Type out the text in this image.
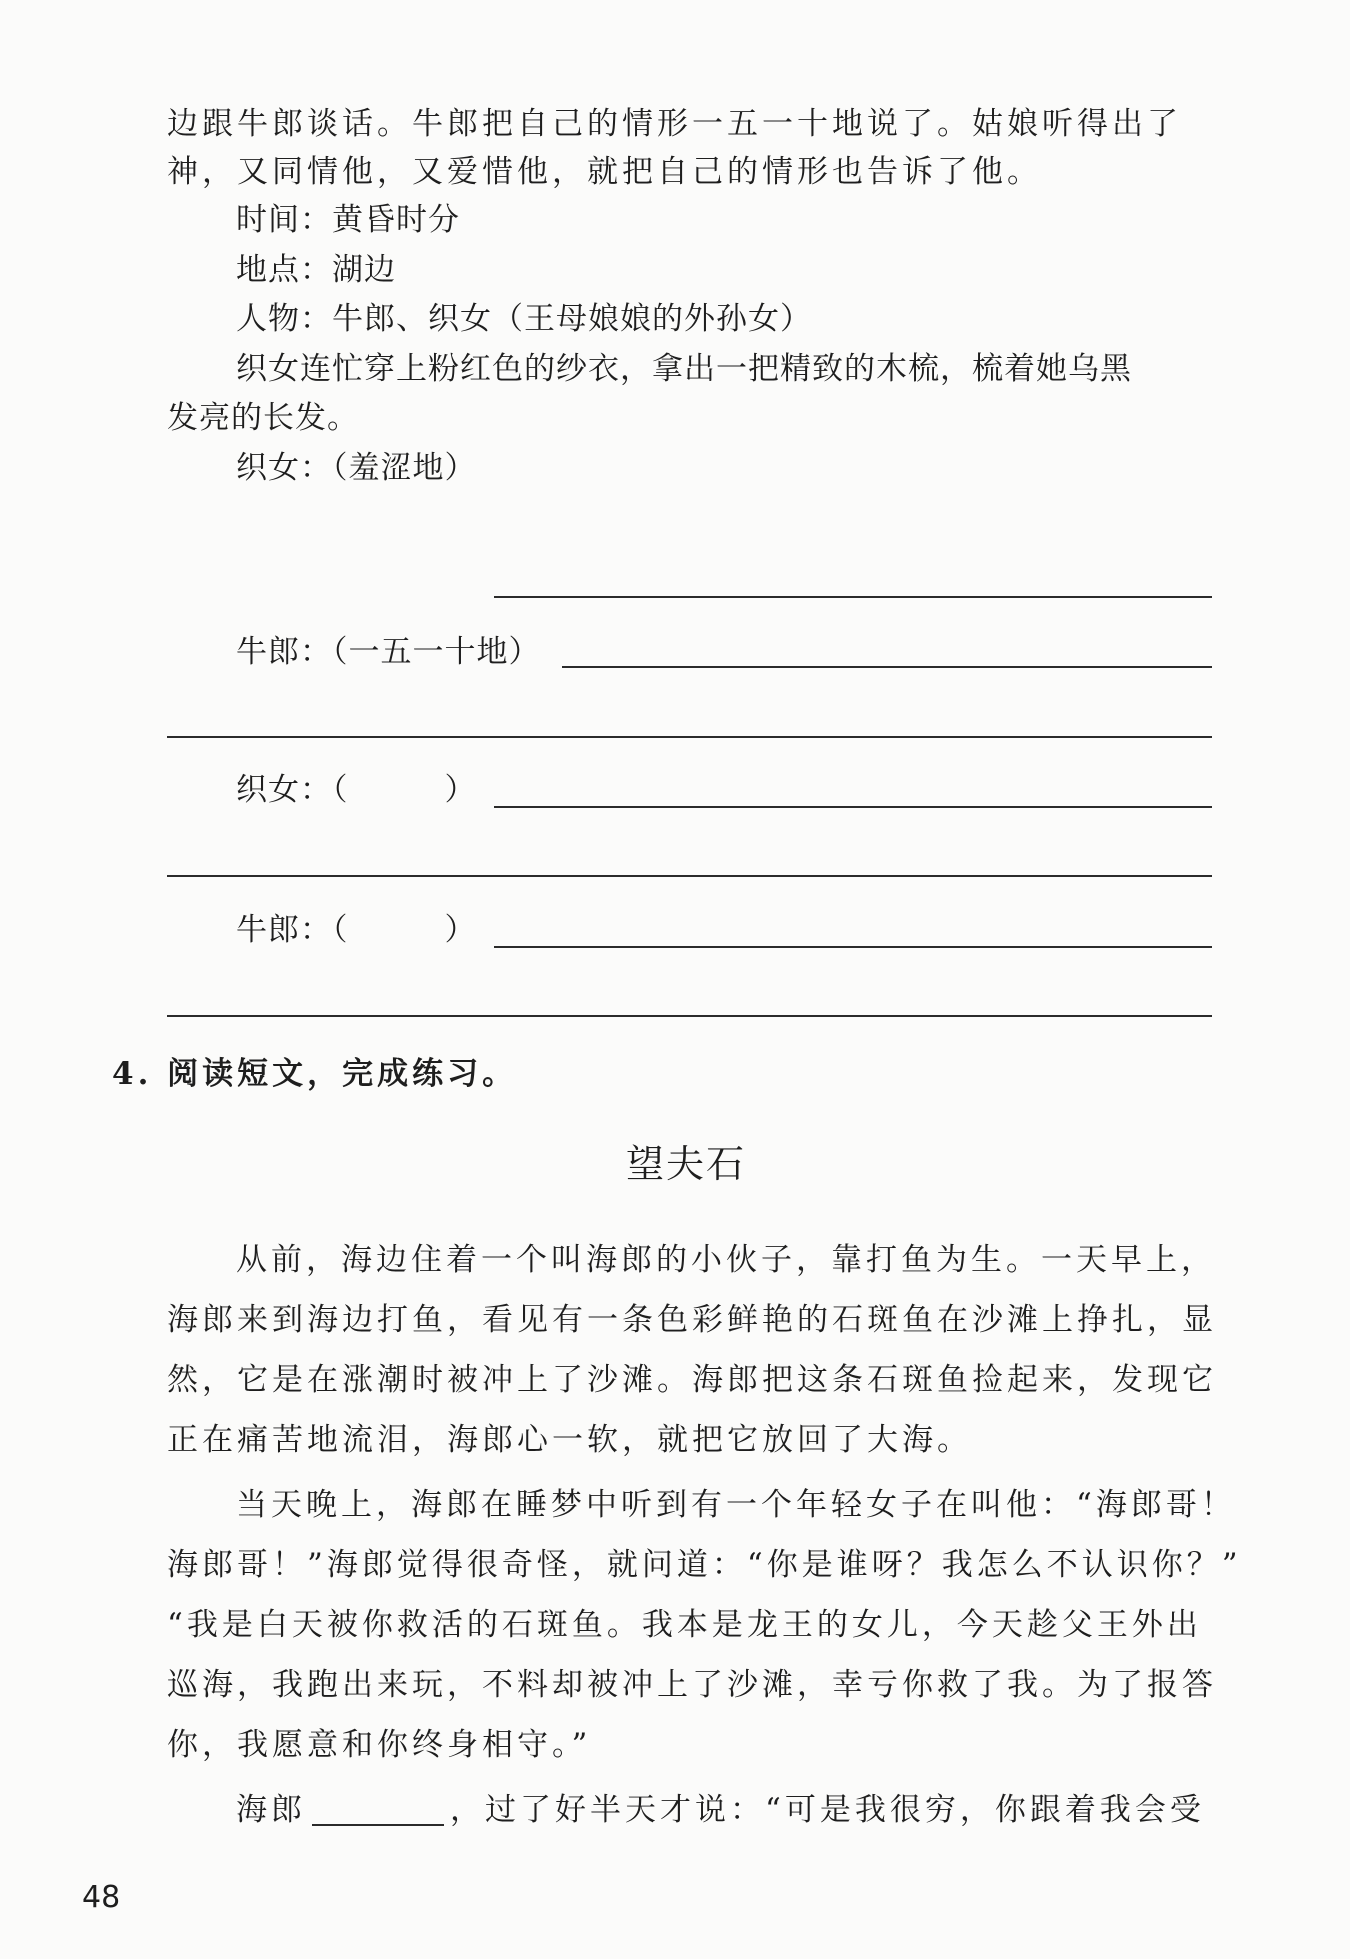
边跟牛郎谈话。牛郎把自己的情形一五一十地说了。姑娘听得出了
神，又同情他，又爱惜他，就把自己的情形也告诉了他。
时间：黄昏时分
地点：湖边
人物：牛郎、织女（王母娘娘的外孙女）
织女连忙穿上粉红色的纱衣，拿出一把精致的木梳，梳着她乌黑
发亮的长发。
织女：（羞涩地）
牛郎：（一五一十地）
织女：（　　　）
牛郎：（　　　）
4. 阅读短文，完成练习。
望夫石
从前，海边住着一个叫海郎的小伙子，靠打鱼为生。一天早上，
海郎来到海边打鱼，看见有一条色彩鲜艳的石斑鱼在沙滩上挣扎，显
然，它是在涨潮时被冲上了沙滩。海郎把这条石斑鱼捡起来，发现它
正在痛苦地流泪，海郎心一软，就把它放回了大海。
当天晚上，海郎在睡梦中听到有一个年轻女子在叫他：“海郎哥！
海郎哥！”海郎觉得很奇怪，就问道：“你是谁呀？我怎么不认识你？”
“我是白天被你救活的石斑鱼。我本是龙王的女儿，今天趁父王外出
巡海，我跑出来玩，不料却被冲上了沙滩，幸亏你救了我。为了报答
你，我愿意和你终身相守。”
海郎	，过了好半天才说：“可是我很穷，你跟着我会受
48
